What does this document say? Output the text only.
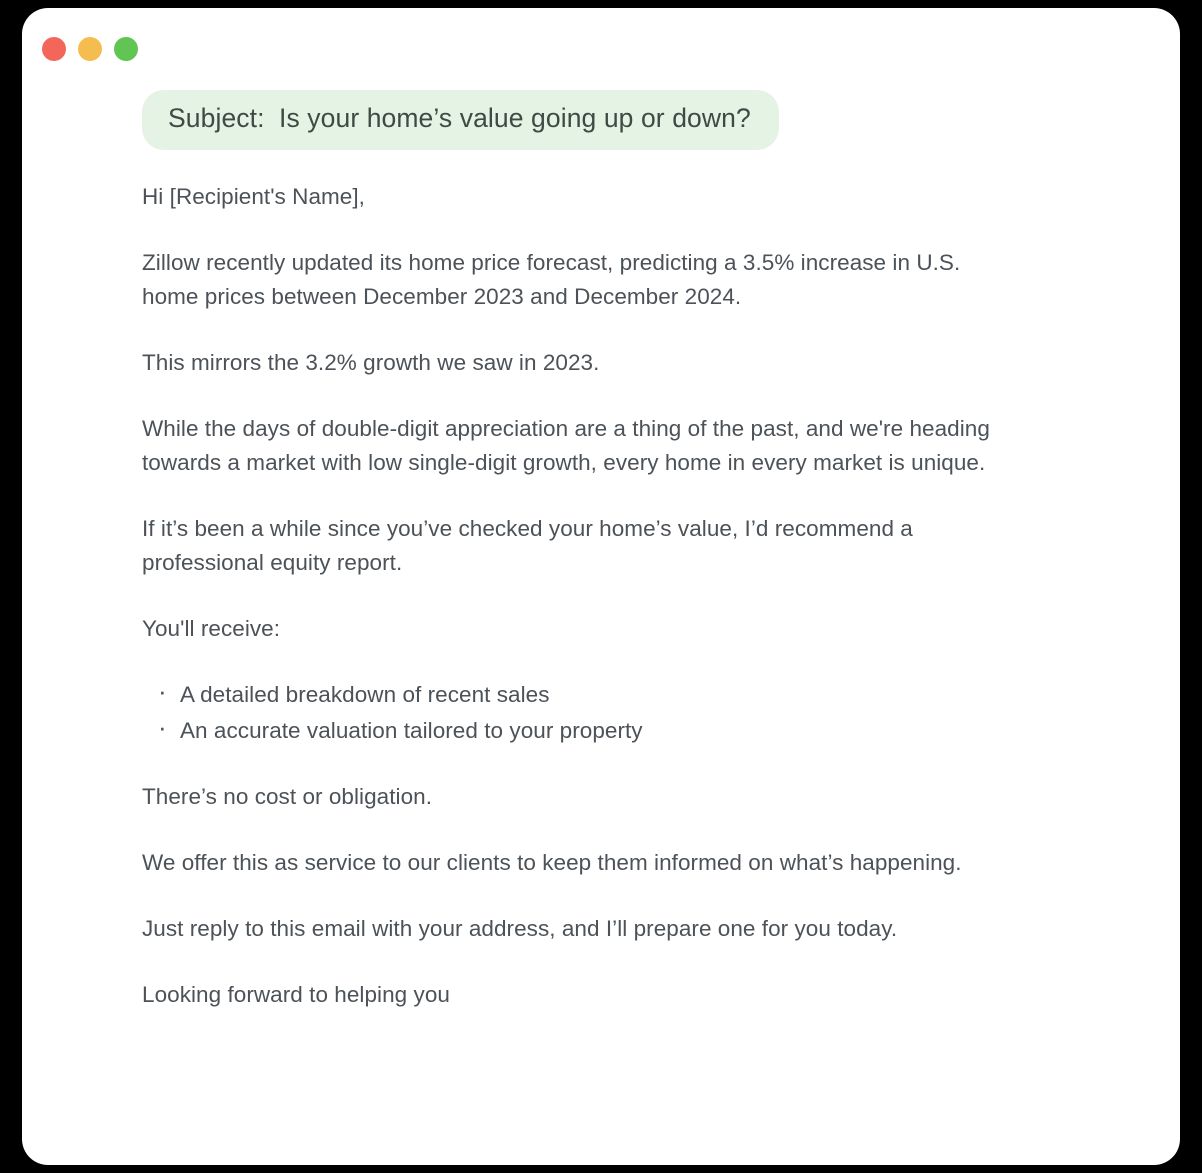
Subject: Is your home’s value going up or down?

Hi [Recipient's Name],

Zillow recently updated its home price forecast, predicting a 3.5% increase in U.S. home prices between December 2023 and December 2024.

This mirrors the 3.2% growth we saw in 2023.

While the days of double-digit appreciation are a thing of the past, and we're heading towards a market with low single-digit growth, every home in every market is unique.

If it’s been a while since you’ve checked your home’s value, I’d recommend a professional equity report.

You'll receive:

· A detailed breakdown of recent sales
· An accurate valuation tailored to your property

There’s no cost or obligation.

We offer this as service to our clients to keep them informed on what’s happening.

Just reply to this email with your address, and I’ll prepare one for you today.

Looking forward to helping you
